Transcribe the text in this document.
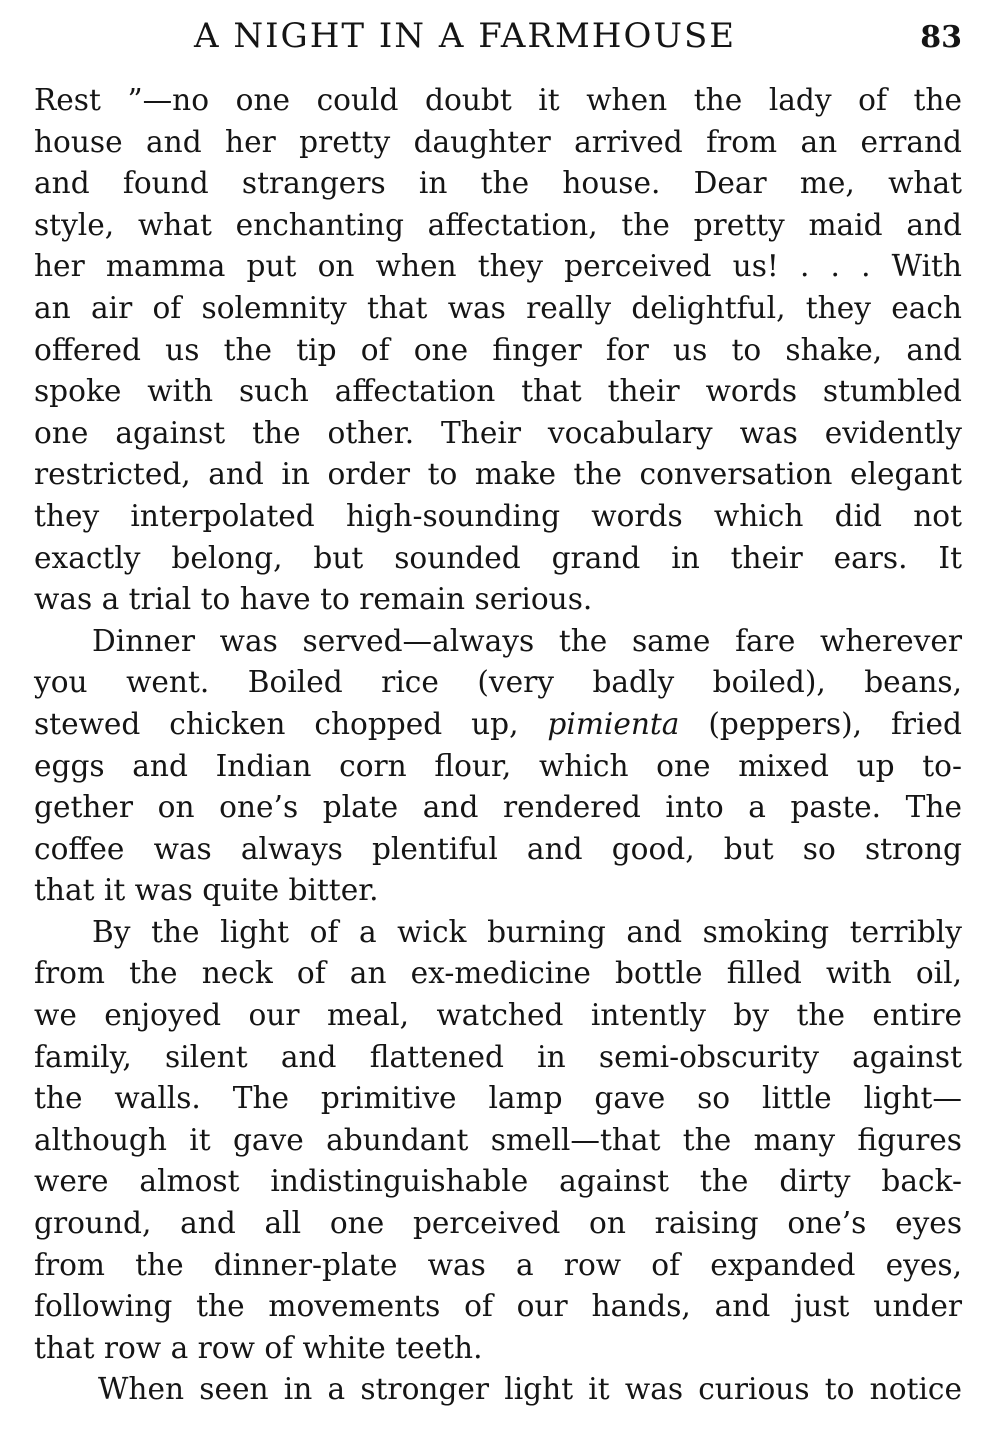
A NIGHT IN A FARMHOUSE	83
Rest ”—no one could doubt it when the lady of the
house and her pretty daughter arrived from an errand
and found strangers in the house. Dear me, what
style, what enchanting affectation, the pretty maid and
her mamma put on when they perceived us! . . . With
an air of solemnity that was really delightful, they each
offered us the tip of one finger for us to shake, and
spoke with such affectation that their words stumbled
one against the other. Their vocabulary was evidently
restricted, and in order to make the conversation elegant
they interpolated high-sounding words which did not
exactly belong, but sounded grand in their ears. It
was a trial to have to remain serious.
Dinner was served—always the same fare wherever
you went. Boiled rice (very badly boiled), beans,
stewed chicken chopped up, pimienta (peppers), fried
eggs and Indian corn flour, which one mixed up to-
gether on one’s plate and rendered into a paste. The
coffee was always plentiful and good, but so strong
that it was quite bitter.
By the light of a wick burning and smoking terribly
from the neck of an ex-medicine bottle filled with oil,
we enjoyed our meal, watched intently by the entire
family, silent and flattened in semi-obscurity against
the walls. The primitive lamp gave so little light—
although it gave abundant smell—that the many figures
were almost indistinguishable against the dirty back-
ground, and all one perceived on raising one’s eyes
from the dinner-plate was a row of expanded eyes,
following the movements of our hands, and just under
that row a row of white teeth.
When seen in a stronger light it was curious to notice
